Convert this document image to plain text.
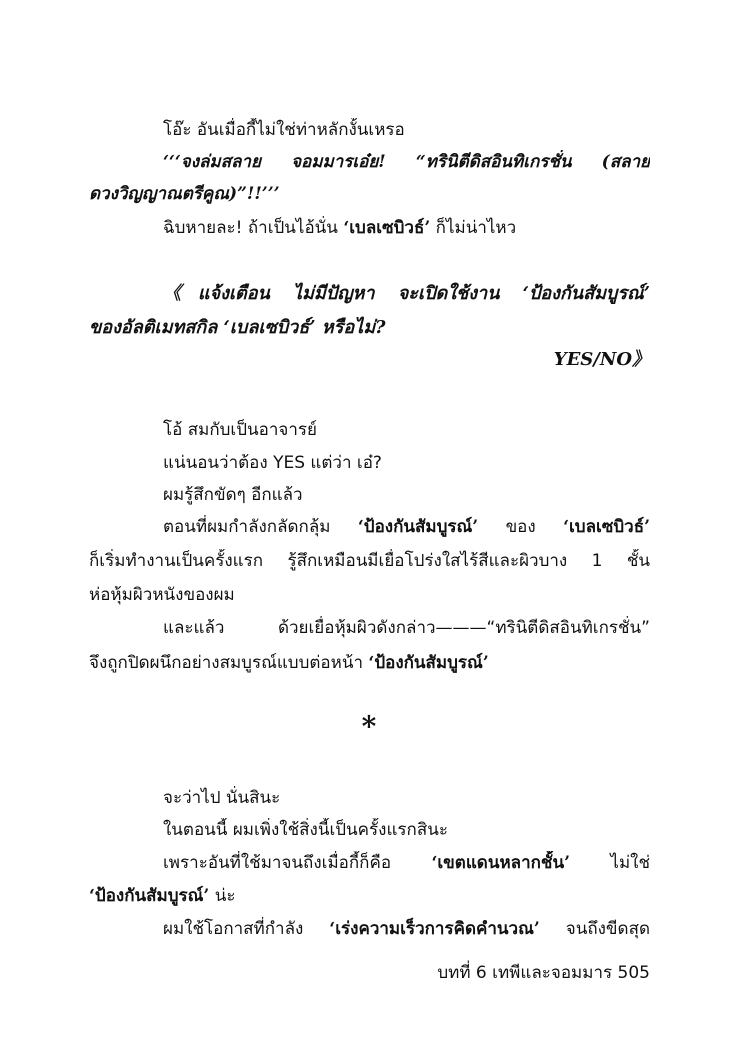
โอ๊ะ อันเมื่อกี้ไม่ใช่ท่าหลักงั้นเหรอ
‘‘‘จงล่มสลาย จอมมารเอ๋ย! “ทรินิตีดิสอินทิเกรชั่น (สลาย
ดวงวิญญาณตรีคูณ)”!!’’’
ฉิบหายละ! ถ้าเป็นไอ้นั่น ‘เบลเซบิวธ์’ ก็ไม่น่าไหว
《แจ้งเตือน ไม่มีปัญหา จะเปิดใช้งาน ‘ป้องกันสัมบูรณ์’
ของอัลติเมทสกิล ‘เบลเซบิวธ์’ หรือไม่?
YES/NO》
โอ้ สมกับเป็นอาจารย์
แน่นอนว่าต้อง YES แต่ว่า เอ๋?
ผมรู้สึกขัดๆ อีกแล้ว
ตอนที่ผมกำลังกลัดกลุ้ม ‘ป้องกันสัมบูรณ์’ ของ ‘เบลเซบิวธ์’
ก็เริ่มทำงานเป็นครั้งแรก รู้สึกเหมือนมีเยื่อโปร่งใสไร้สีและผิวบาง 1 ชั้น
ห่อหุ้มผิวหนังของผม
และแล้ว ด้วยเยื่อหุ้มผิวดังกล่าว———“ทรินิตีดิสอินทิเกรชั่น”
จึงถูกปิดผนึกอย่างสมบูรณ์แบบต่อหน้า ‘ป้องกันสัมบูรณ์’
*
จะว่าไป นั่นสินะ
ในตอนนี้ ผมเพิ่งใช้สิ่งนี้เป็นครั้งแรกสินะ
เพราะอันที่ใช้มาจนถึงเมื่อกี้ก็คือ ‘เขตแดนหลากชั้น’ ไม่ใช่
‘ป้องกันสัมบูรณ์’ น่ะ
ผมใช้โอกาสที่กำลัง ‘เร่งความเร็วการคิดคำนวณ’ จนถึงขีดสุด
บทที่ 6 เทพีและจอมมาร 505
